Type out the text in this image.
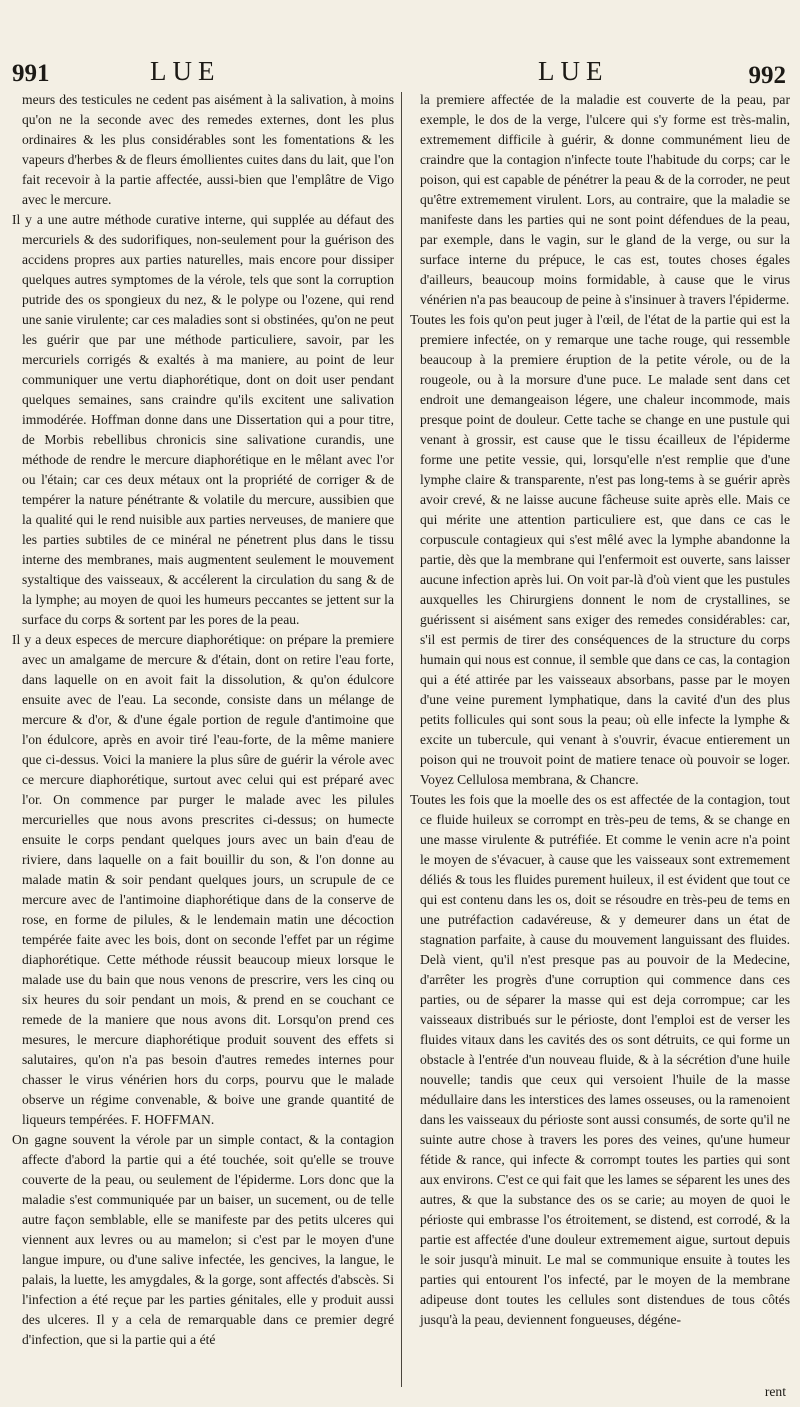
991	LUE	LUE	992

meurs des testicules ne cedent pas aisément à la salivation, à moins qu'on ne la seconde avec des remedes externes, dont les plus ordinaires & les plus considérables sont les fomentations & les vapeurs d'herbes & de fleurs émollientes cuites dans du lait, que l'on fait recevoir à la partie affectée, aussi-bien que l'emplâtre de Vigo avec le mercure.

Il y a une autre méthode curative interne, qui supplée au défaut des mercuriels & des sudorifiques, non-seulement pour la guérison des accidens propres aux parties naturelles, mais encore pour dissiper quelques autres symptomes de la vérole, tels que sont la corruption putride des os spongieux du nez, & le polype ou l'ozene, qui rend une sanie virulente; car ces maladies sont si obstinées, qu'on ne peut les guérir que par une méthode particuliere, savoir, par les mercuriels corrigés & exaltés à ma maniere, au point de leur communiquer une vertu diaphorétique, dont on doit user pendant quelques semaines, sans craindre qu'ils excitent une salivation immodérée. Hoffman donne dans une Dissertation qui a pour titre, de Morbis rebellibus chronicis sine salivatione curandis, une méthode de rendre le mercure diaphorétique en le mêlant avec l'or ou l'étain; car ces deux métaux ont la propriété de corriger & de tempérer la nature pénétrante & volatile du mercure, aussibien que la qualité qui le rend nuisible aux parties nerveuses, de maniere que les parties subtiles de ce minéral ne pénetrent plus dans le tissu interne des membranes, mais augmentent seulement le mouvement systaltique des vaisseaux, & accélerent la circulation du sang & de la lymphe; au moyen de quoi les humeurs peccantes se jettent sur la surface du corps & sortent par les pores de la peau.

Il y a deux especes de mercure diaphorétique: on prépare la premiere avec un amalgame de mercure & d'étain, dont on retire l'eau forte, dans laquelle on en avoit fait la dissolution, & qu'on édulcore ensuite avec de l'eau. La seconde, consiste dans un mélange de mercure & d'or, & d'une égale portion de regule d'antimoine que l'on édulcore, après en avoir tiré l'eau-forte, de la même maniere que ci-dessus. Voici la maniere la plus sûre de guérir la vérole avec ce mercure diaphorétique, surtout avec celui qui est préparé avec l'or. On commence par purger le malade avec les pilules mercurielles que nous avons prescrites ci-dessus; on humecte ensuite le corps pendant quelques jours avec un bain d'eau de riviere, dans laquelle on a fait bouillir du son, & l'on donne au malade matin & soir pendant quelques jours, un scrupule de ce mercure avec de l'antimoine diaphorétique dans de la conserve de rose, en forme de pilules, & le lendemain matin une décoction tempérée faite avec les bois, dont on seconde l'effet par un régime diaphorétique. Cette méthode réussit beaucoup mieux lorsque le malade use du bain que nous venons de prescrire, vers les cinq ou six heures du soir pendant un mois, & prend en se couchant ce remede de la maniere que nous avons dit. Lorsqu'on prend ces mesures, le mercure diaphorétique produit souvent des effets si salutaires, qu'on n'a pas besoin d'autres remedes internes pour chasser le virus vénérien hors du corps, pourvu que le malade observe un régime convenable, & boive une grande quantité de liqueurs tempérées. F. HOFFMAN.

On gagne souvent la vérole par un simple contact, & la contagion affecte d'abord la partie qui a été touchée, soit qu'elle se trouve couverte de la peau, ou seulement de l'épiderme. Lors donc que la maladie s'est communiquée par un baiser, un sucement, ou de telle autre façon semblable, elle se manifeste par des petits ulceres qui viennent aux levres ou au mamelon; si c'est par le moyen d'une langue impure, ou d'une salive infectée, les gencives, la langue, le palais, la luette, les amygdales, & la gorge, sont affectés d'abscès. Si l'infection a été reçue par les parties génitales, elle y produit aussi des ulceres. Il y a cela de remarquable dans ce premier degré d'infection, que si la partie qui a été

la premiere affectée de la maladie est couverte de la peau, par exemple, le dos de la verge, l'ulcere qui s'y forme est très-malin, extremement difficile à guérir, & donne communément lieu de craindre que la contagion n'infecte toute l'habitude du corps; car le poison, qui est capable de pénétrer la peau & de la corroder, ne peut qu'être extremement virulent. Lors, au contraire, que la maladie se manifeste dans les parties qui ne sont point défendues de la peau, par exemple, dans le vagin, sur le gland de la verge, ou sur la surface interne du prépuce, le cas est, toutes choses égales d'ailleurs, beaucoup moins formidable, à cause que le virus vénérien n'a pas beaucoup de peine à s'insinuer à travers l'épiderme.

Toutes les fois qu'on peut juger à l'œil, de l'état de la partie qui est la premiere infectée, on y remarque une tache rouge, qui ressemble beaucoup à la premiere éruption de la petite vérole, ou de la rougeole, ou à la morsure d'une puce. Le malade sent dans cet endroit une demangeaison légere, une chaleur incommode, mais presque point de douleur. Cette tache se change en une pustule qui venant à grossir, est cause que le tissu écailleux de l'épiderme forme une petite vessie, qui, lorsqu'elle n'est remplie que d'une lymphe claire & transparente, n'est pas long-tems à se guérir après avoir crevé, & ne laisse aucune fâcheuse suite après elle. Mais ce qui mérite une attention particuliere est, que dans ce cas le corpuscule contagieux qui s'est mêlé avec la lymphe abandonne la partie, dès que la membrane qui l'enfermoit est ouverte, sans laisser aucune infection après lui. On voit par-là d'où vient que les pustules auxquelles les Chirurgiens donnent le nom de crystallines, se guérissent si aisément sans exiger des remedes considérables: car, s'il est permis de tirer des conséquences de la structure du corps humain qui nous est connue, il semble que dans ce cas, la contagion qui a été attirée par les vaisseaux absorbans, passe par le moyen d'une veine purement lymphatique, dans la cavité d'un des plus petits follicules qui sont sous la peau; où elle infecte la lymphe & excite un tubercule, qui venant à s'ouvrir, évacue entierement un poison qui ne trouvoit point de matiere tenace où pouvoir se loger. Voyez Cellulosa membrana, & Chancre.

Toutes les fois que la moelle des os est affectée de la contagion, tout ce fluide huileux se corrompt en très-peu de tems, & se change en une masse virulente & putréfiée. Et comme le venin acre n'a point le moyen de s'évacuer, à cause que les vaisseaux sont extremement déliés & tous les fluides purement huileux, il est évident que tout ce qui est contenu dans les os, doit se résoudre en très-peu de tems en une putréfaction cadavéreuse, & y demeurer dans un état de stagnation parfaite, à cause du mouvement languissant des fluides. Delà vient, qu'il n'est presque pas au pouvoir de la Medecine, d'arrêter les progrès d'une corruption qui commence dans ces parties, ou de séparer la masse qui est deja corrompue; car les vaisseaux distribués sur le périoste, dont l'emploi est de verser les fluides vitaux dans les cavités des os sont détruits, ce qui forme un obstacle à l'entrée d'un nouveau fluide, & à la sécrétion d'une huile nouvelle; tandis que ceux qui versoient l'huile de la masse médullaire dans les interstices des lames osseuses, ou la ramenoient dans les vaisseaux du périoste sont aussi consumés, de sorte qu'il ne suinte autre chose à travers les pores des veines, qu'une humeur fétide & rance, qui infecte & corrompt toutes les parties qui sont aux environs. C'est ce qui fait que les lames se séparent les unes des autres, & que la substance des os se carie; au moyen de quoi le périoste qui embrasse l'os étroitement, se distend, est corrodé, & la partie est affectée d'une douleur extremement aigue, surtout depuis le soir jusqu'à minuit. Le mal se communique ensuite à toutes les parties qui entourent l'os infecté, par le moyen de la membrane adipeuse dont toutes les cellules sont distendues de tous côtés jusqu'à la peau, deviennent fongueuses, dégéne-

rent
